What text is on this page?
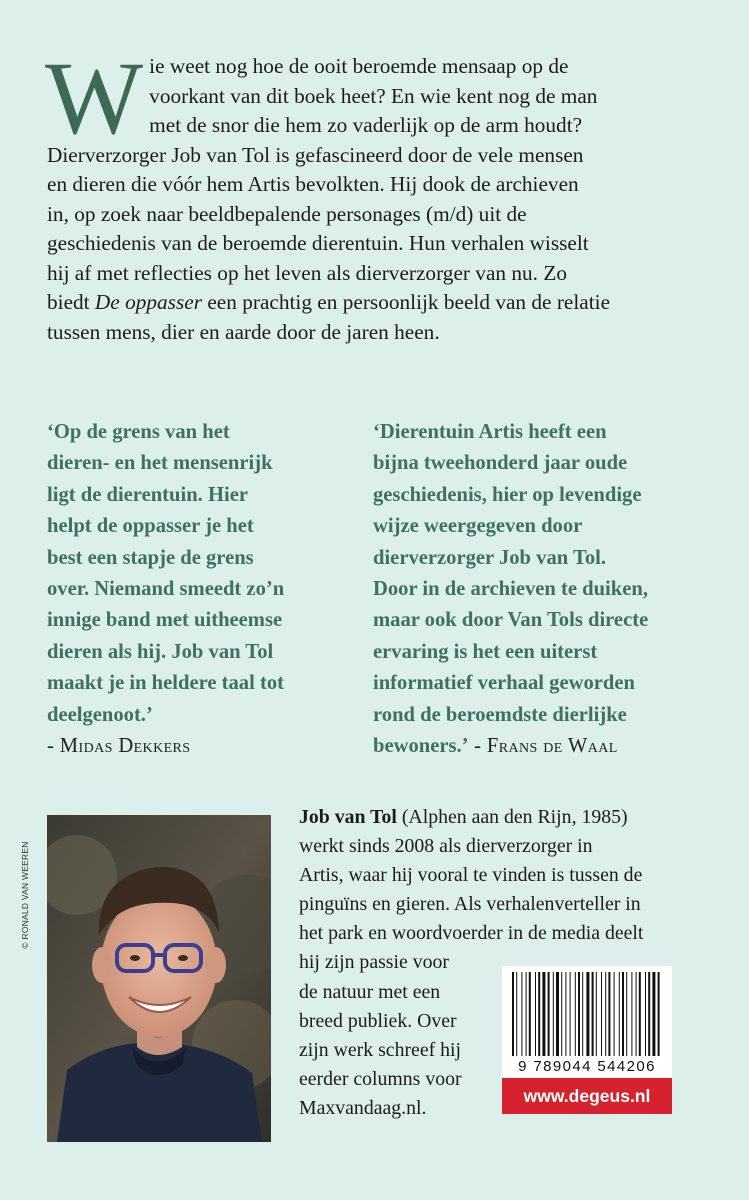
W ie weet nog hoe de ooit beroemde mensaap op de
voorkant van dit boek heet? En wie kent nog de man
met de snor die hem zo vaderlijk op de arm houdt?
Dierverzorger Job van Tol is gefascineerd door de vele mensen
en dieren die vóór hem Artis bevolkten. Hij dook de archieven
in, op zoek naar beeldbepalende personages (m/d) uit de
geschiedenis van de beroemde dierentuin. Hun verhalen wisselt
hij af met reflecties op het leven als dierverzorger van nu. Zo
biedt De oppasser een prachtig en persoonlijk beeld van de relatie
tussen mens, dier en aarde door de jaren heen.
‘Op de grens van het
dieren- en het mensenrijk
ligt de dierentuin. Hier
helpt de oppasser je het
best een stapje de grens
over. Niemand smeedt zo’n
innige band met uitheemse
dieren als hij. Job van Tol
maakt je in heldere taal tot
deelgenoot.’
- Midas Dekkers
‘Dierentuin Artis heeft een
bijna tweehonderd jaar oude
geschiedenis, hier op levendige
wijze weergegeven door
dierverzorger Job van Tol.
Door in de archieven te duiken,
maar ook door Van Tols directe
ervaring is het een uiterst
informatief verhaal geworden
rond de beroemdste dierlijke
bewoners.’ - Frans de Waal
© RONALD VAN WEEREN
Job van Tol (Alphen aan den Rijn, 1985)
werkt sinds 2008 als dierverzorger in
Artis, waar hij vooral te vinden is tussen de
pinguïns en gieren. Als verhalenverteller in
het park en woordvoerder in de media deelt
hij zijn passie voor
de natuur met een
breed publiek. Over
zijn werk schreef hij
eerder columns voor
Maxvandaag.nl.
9 789044 544206
www.degeus.nl
